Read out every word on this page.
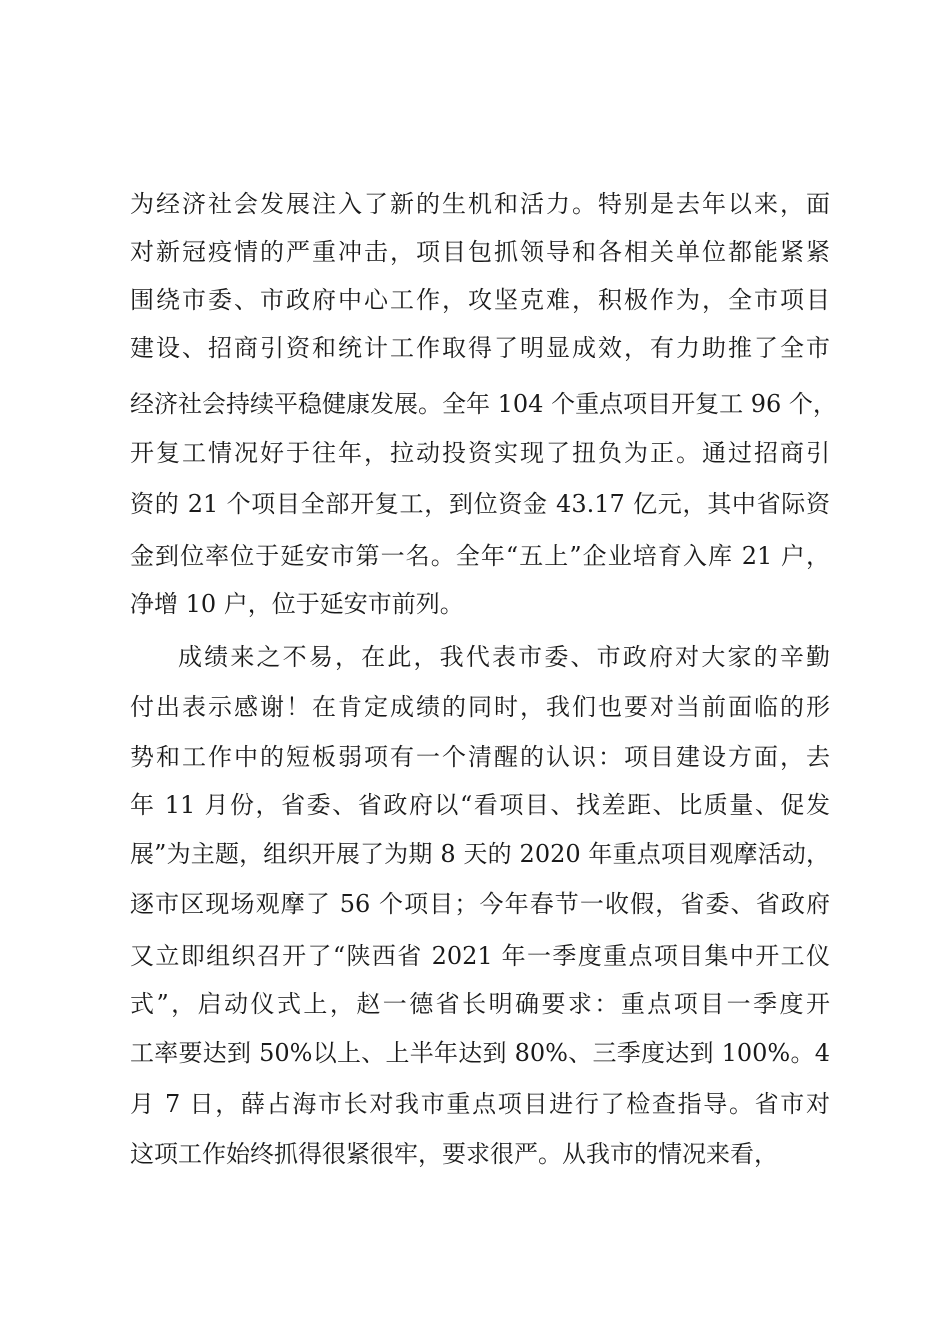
为经济社会发展注入了新的生机和活力。特别是去年以来，面
对新冠疫情的严重冲击，项目包抓领导和各相关单位都能紧紧
围绕市委、市政府中心工作，攻坚克难，积极作为，全市项目
建设、招商引资和统计工作取得了明显成效，有力助推了全市
经济社会持续平稳健康发展。全年 104 个重点项目开复工 96 个，
开复工情况好于往年，拉动投资实现了扭负为正。通过招商引
资的 21 个项目全部开复工，到位资金 43.17 亿元，其中省际资
金到位率位于延安市第一名。全年“五上”企业培育入库 21 户，
净增 10 户，位于延安市前列。
成绩来之不易，在此，我代表市委、市政府对大家的辛勤
付出表示感谢！在肯定成绩的同时，我们也要对当前面临的形
势和工作中的短板弱项有一个清醒的认识：项目建设方面，去
年 11 月份，省委、省政府以“看项目、找差距、比质量、促发
展”为主题，组织开展了为期 8 天的 2020 年重点项目观摩活动，
逐市区现场观摩了 56 个项目；今年春节一收假，省委、省政府
又立即组织召开了“陕西省 2021 年一季度重点项目集中开工仪
式”，启动仪式上，赵一德省长明确要求：重点项目一季度开
工率要达到 50%以上、上半年达到 80%、三季度达到 100%。4
月 7 日，薛占海市长对我市重点项目进行了检查指导。省市对
这项工作始终抓得很紧很牢，要求很严。从我市的情况来看，
